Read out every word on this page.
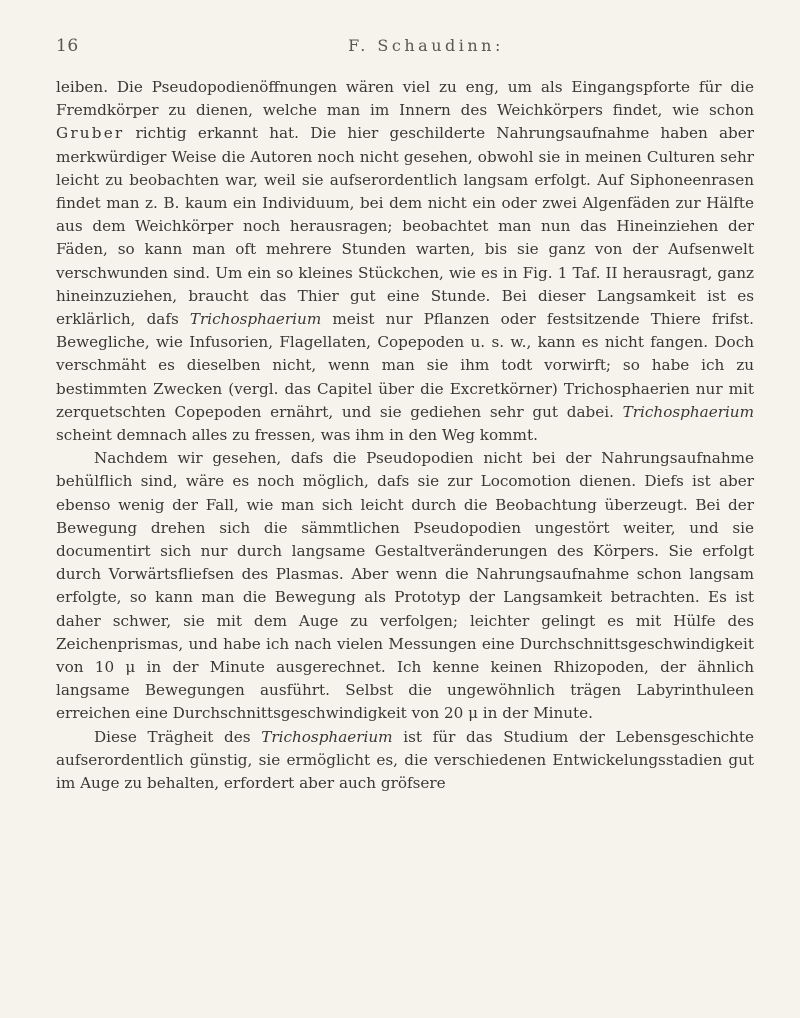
16	F. Schaudinn:

leiben. Die Pseudopodienöffnungen wären viel zu eng, um als Eingangspforte für die Fremdkörper zu dienen, welche man im Innern des Weichkörpers findet, wie schon Gruber richtig erkannt hat. Die hier geschilderte Nahrungsaufnahme haben aber merkwürdiger Weise die Autoren noch nicht gesehen, obwohl sie in meinen Culturen sehr leicht zu beobachten war, weil sie aufserordentlich langsam erfolgt. Auf Siphoneenrasen findet man z. B. kaum ein Individuum, bei dem nicht ein oder zwei Algenfäden zur Hälfte aus dem Weichkörper noch herausragen; beobachtet man nun das Hineinziehen der Fäden, so kann man oft mehrere Stunden warten, bis sie ganz von der Aufsenwelt verschwunden sind. Um ein so kleines Stückchen, wie es in Fig. 1 Taf. II herausragt, ganz hineinzuziehen, braucht das Thier gut eine Stunde. Bei dieser Langsamkeit ist es erklärlich, dafs Trichosphaerium meist nur Pflanzen oder festsitzende Thiere frifst. Bewegliche, wie Infusorien, Flagellaten, Copepoden u. s. w., kann es nicht fangen. Doch verschmäht es dieselben nicht, wenn man sie ihm todt vorwirft; so habe ich zu bestimmten Zwecken (vergl. das Capitel über die Excretkörner) Trichosphaerien nur mit zerquetschten Copepoden ernährt, und sie gediehen sehr gut dabei. Trichosphaerium scheint demnach alles zu fressen, was ihm in den Weg kommt.

Nachdem wir gesehen, dafs die Pseudopodien nicht bei der Nahrungsaufnahme behülflich sind, wäre es noch möglich, dafs sie zur Locomotion dienen. Diefs ist aber ebenso wenig der Fall, wie man sich leicht durch die Beobachtung überzeugt. Bei der Bewegung drehen sich die sämmtlichen Pseudopodien ungestört weiter, und sie documentirt sich nur durch langsame Gestaltveränderungen des Körpers. Sie erfolgt durch Vorwärtsfliefsen des Plasmas. Aber wenn die Nahrungsaufnahme schon langsam erfolgte, so kann man die Bewegung als Prototyp der Langsamkeit betrachten. Es ist daher schwer, sie mit dem Auge zu verfolgen; leichter gelingt es mit Hülfe des Zeichenprismas, und habe ich nach vielen Messungen eine Durchschnittsgeschwindigkeit von 10 μ in der Minute ausgerechnet. Ich kenne keinen Rhizopoden, der ähnlich langsame Bewegungen ausführt. Selbst die ungewöhnlich trägen Labyrinthuleen erreichen eine Durchschnittsgeschwindigkeit von 20 μ in der Minute.

Diese Trägheit des Trichosphaerium ist für das Studium der Lebensgeschichte aufserordentlich günstig, sie ermöglicht es, die verschiedenen Entwickelungsstadien gut im Auge zu behalten, erfordert aber auch gröfsere
